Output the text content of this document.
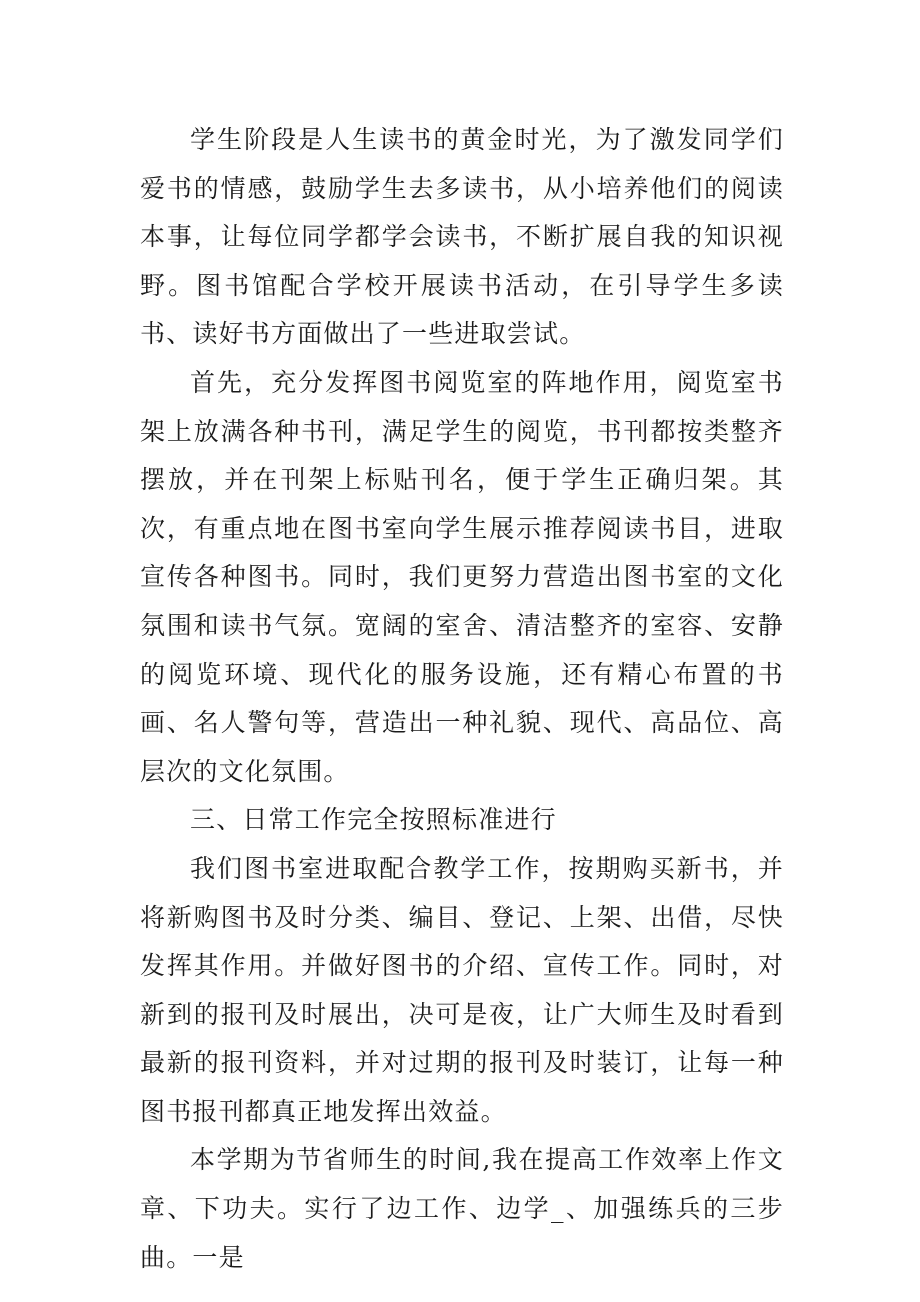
学生阶段是人生读书的黄金时光，为了激发同学们爱书的情感，鼓励学生去多读书，从小培养他们的阅读本事，让每位同学都学会读书，不断扩展自我的知识视野。图书馆配合学校开展读书活动，在引导学生多读书、读好书方面做出了一些进取尝试。

首先，充分发挥图书阅览室的阵地作用，阅览室书架上放满各种书刊，满足学生的阅览，书刊都按类整齐摆放，并在刊架上标贴刊名，便于学生正确归架。其次，有重点地在图书室向学生展示推荐阅读书目，进取宣传各种图书。同时，我们更努力营造出图书室的文化氛围和读书气氛。宽阔的室舍、清洁整齐的室容、安静的阅览环境、现代化的服务设施，还有精心布置的书画、名人警句等，营造出一种礼貌、现代、高品位、高层次的文化氛围。

三、日常工作完全按照标准进行

我们图书室进取配合教学工作，按期购买新书，并将新购图书及时分类、编目、登记、上架、出借，尽快发挥其作用。并做好图书的介绍、宣传工作。同时，对新到的报刊及时展出，决可是夜，让广大师生及时看到最新的报刊资料，并对过期的报刊及时装订，让每一种图书报刊都真正地发挥出效益。

本学期为节省师生的时间,我在提高工作效率上作文章、下功夫。实行了边工作、边学_、加强练兵的三步曲。一是
